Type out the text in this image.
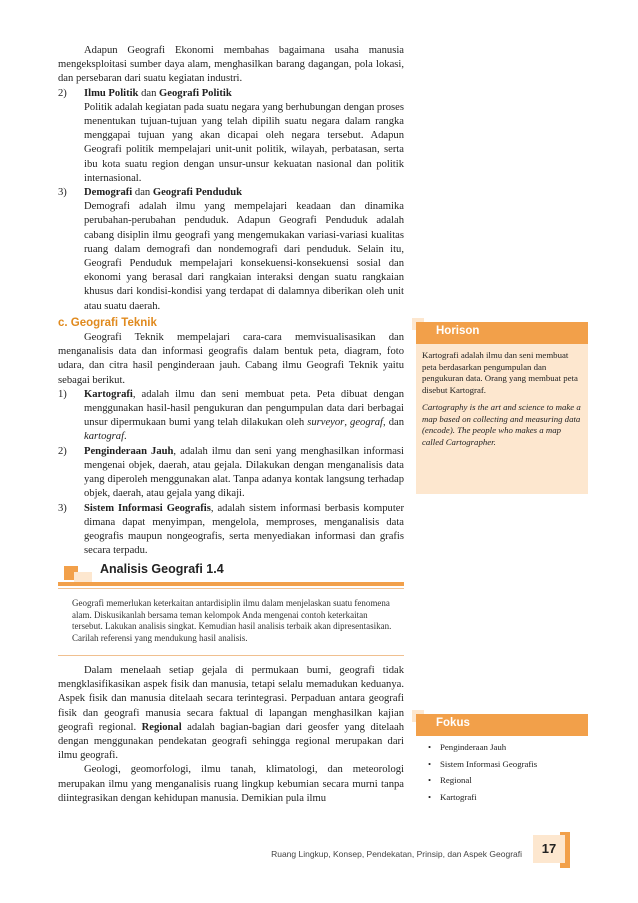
Adapun Geografi Ekonomi membahas bagaimana usaha manusia mengeksploitasi sumber daya alam, menghasilkan barang dagangan, pola lokasi, dan persebaran dari suatu kegiatan industri.

2)	Ilmu Politik dan Geografi Politik

Politik adalah kegiatan pada suatu negara yang berhubungan dengan proses menentukan tujuan-tujuan yang telah dipilih suatu negara dalam rangka menggapai tujuan yang akan dicapai oleh negara tersebut. Adapun Geografi politik mempelajari unit-unit politik, wilayah, perbatasan, serta ibu kota suatu region dengan unsur-unsur kekuatan nasional dan politik internasional.

3)	Demografi dan Geografi Penduduk

Demografi adalah ilmu yang mempelajari keadaan dan dinamika perubahan-perubahan penduduk. Adapun Geografi Penduduk adalah cabang disiplin ilmu geografi yang mengemukakan variasi-variasi kualitas ruang dalam demografi dan nondemografi dari penduduk. Selain itu, Geografi Penduduk mempelajari konsekuensi-konsekuensi sosial dan ekonomi yang berasal dari rangkaian interaksi dengan suatu rangkaian khusus dari kondisi-kondisi yang terdapat di dalamnya diberikan oleh unit atau suatu daerah.

c. Geografi Teknik

Geografi Teknik mempelajari cara-cara memvisualisasikan dan menganalisis data dan informasi geografis dalam bentuk peta, diagram, foto udara, dan citra hasil penginderaan jauh. Cabang ilmu Geografi Teknik yaitu sebagai berikut.

1)	Kartografi, adalah ilmu dan seni membuat peta. Peta dibuat dengan menggunakan hasil-hasil pengukuran dan pengumpulan data dari berbagai unsur dipermukaan bumi yang telah dilakukan oleh surveyor, geograf, dan kartograf.

2)	Penginderaan Jauh, adalah ilmu dan seni yang menghasilkan informasi mengenai objek, daerah, atau gejala. Dilakukan dengan menganalisis data yang diperoleh menggunakan alat. Tanpa adanya kontak langsung terhadap objek, daerah, atau gejala yang dikaji.

3)	Sistem Informasi Geografis, adalah sistem informasi berbasis komputer dimana dapat menyimpan, mengelola, memproses, menganalisis data geografis maupun nongeografis, serta menyediakan informasi dan grafis secara terpadu.

Analisis Geografi 1.4
Geografi memerlukan keterkaitan antardisiplin ilmu dalam menjelaskan suatu fenomena alam. Diskusikanlah bersama teman kelompok Anda mengenai contoh keterkaitan tersebut. Lakukan analisis singkat. Kemudian hasil analisis terbaik akan dipresentasikan. Carilah referensi yang mendukung hasil analisis.

Dalam menelaah setiap gejala di permukaan bumi, geografi tidak mengklasifikasikan aspek fisik dan manusia, tetapi selalu memadukan keduanya. Aspek fisik dan manusia ditelaah secara terintegrasi. Perpaduan antara geografi fisik dan geografi manusia secara faktual di lapangan menghasilkan kajian geografi regional. Regional adalah bagian-bagian dari geosfer yang ditelaah dengan menggunakan pendekatan geografi sehingga regional merupakan dari ilmu geografi.

Geologi, geomorfologi, ilmu tanah, klimatologi, dan meteorologi merupakan ilmu yang menganalisis ruang lingkup kebumian secara murni tanpa diintegrasikan dengan kehidupan manusia. Demikian pula ilmu

Horison
Kartografi adalah ilmu dan seni membuat peta berdasarkan pengumpulan dan pengukuran data. Orang yang membuat peta disebut Kartograf.
Cartography is the art and science to make a map based on collecting and measuring data (encode). The people who makes a map called Cartographer.
Fokus
• Penginderaan Jauh
• Sistem Informasi Geografis
• Regional
• Kartografi
Ruang Lingkup, Konsep, Pendekatan, Prinsip, dan Aspek Geografi	17
